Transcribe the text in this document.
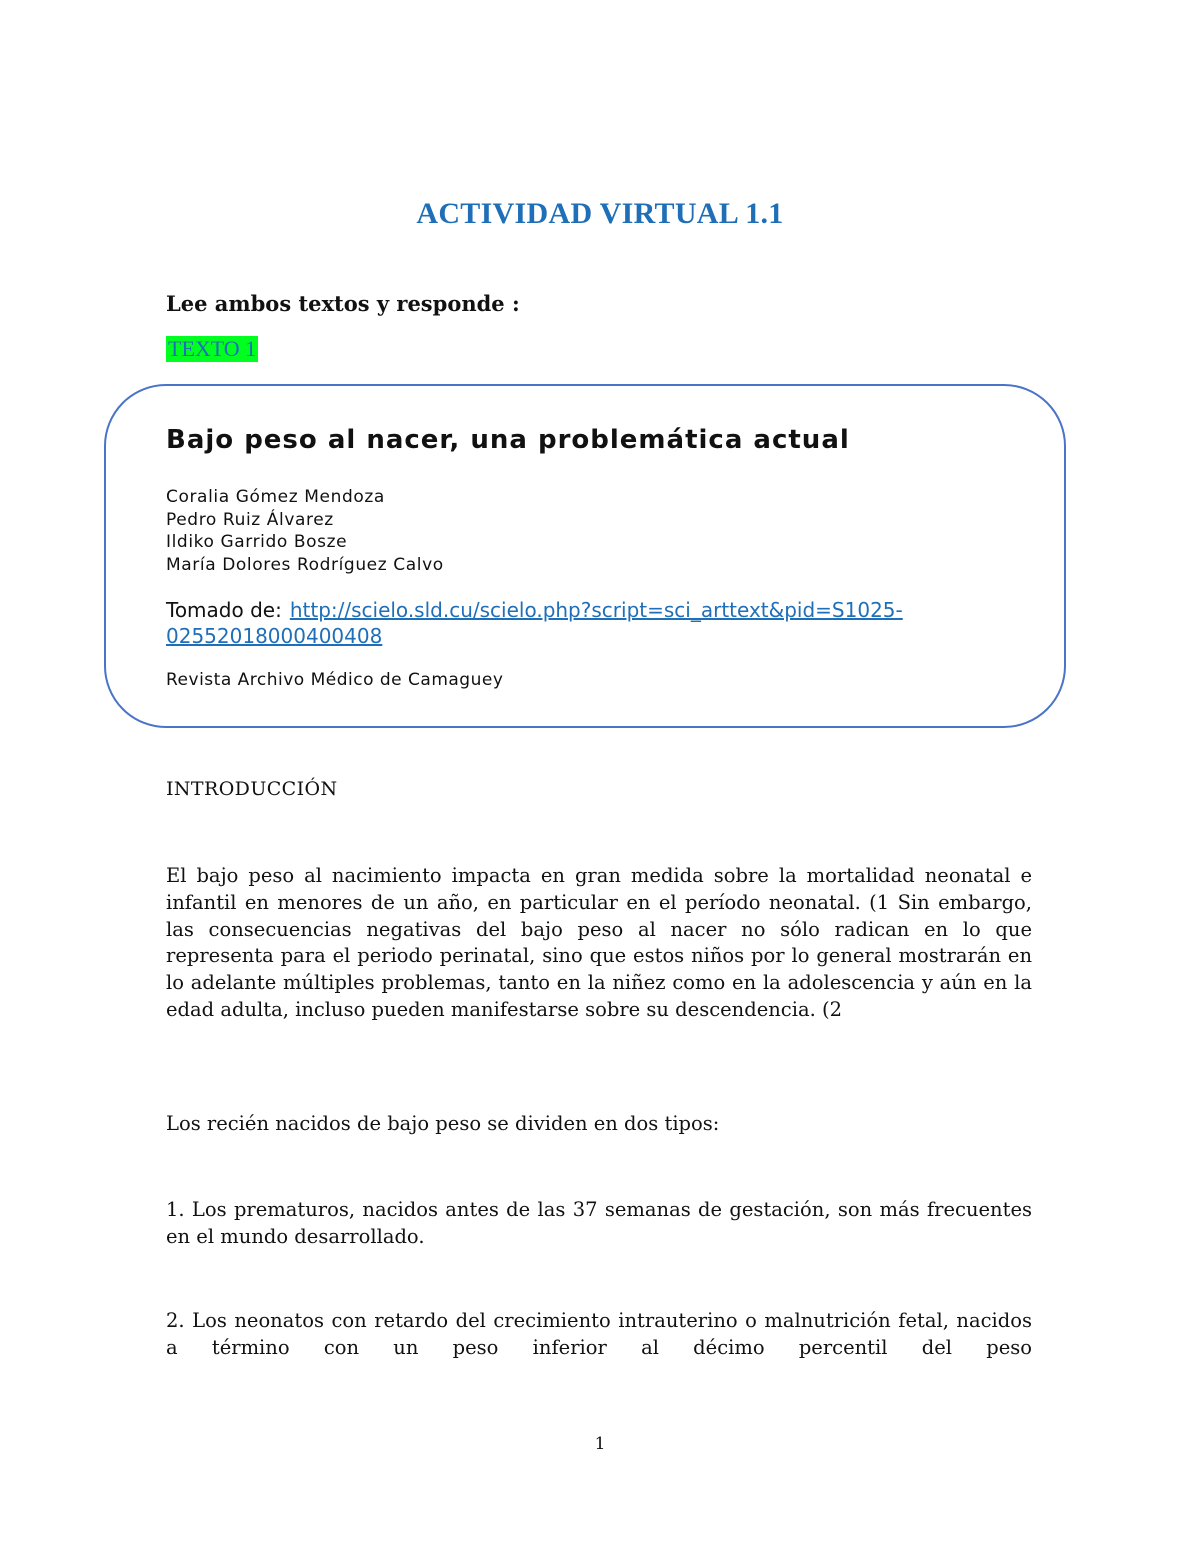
ACTIVIDAD VIRTUAL 1.1
Lee ambos textos y responde :
TEXTO 1
Bajo peso al nacer, una problemática actual
Coralia Gómez Mendoza
Pedro Ruiz Álvarez
Ildiko Garrido Bosze
María Dolores Rodríguez Calvo
Tomado de: http://scielo.sld.cu/scielo.php?script=sci_arttext&pid=S1025-02552018000400408
Revista Archivo Médico de Camaguey
INTRODUCCIÓN
El bajo peso al nacimiento impacta en gran medida sobre la mortalidad neonatal e infantil en menores de un año, en particular en el período neonatal. (1 Sin embargo, las consecuencias negativas del bajo peso al nacer no sólo radican en lo que representa para el periodo perinatal, sino que estos niños por lo general mostrarán en lo adelante múltiples problemas, tanto en la niñez como en la adolescencia y aún en la edad adulta, incluso pueden manifestarse sobre su descendencia. (2
Los recién nacidos de bajo peso se dividen en dos tipos:
1. Los prematuros, nacidos antes de las 37 semanas de gestación, son más frecuentes en el mundo desarrollado.
2. Los neonatos con retardo del crecimiento intrauterino o malnutrición fetal, nacidos a término con un peso inferior al décimo percentil del peso
1
